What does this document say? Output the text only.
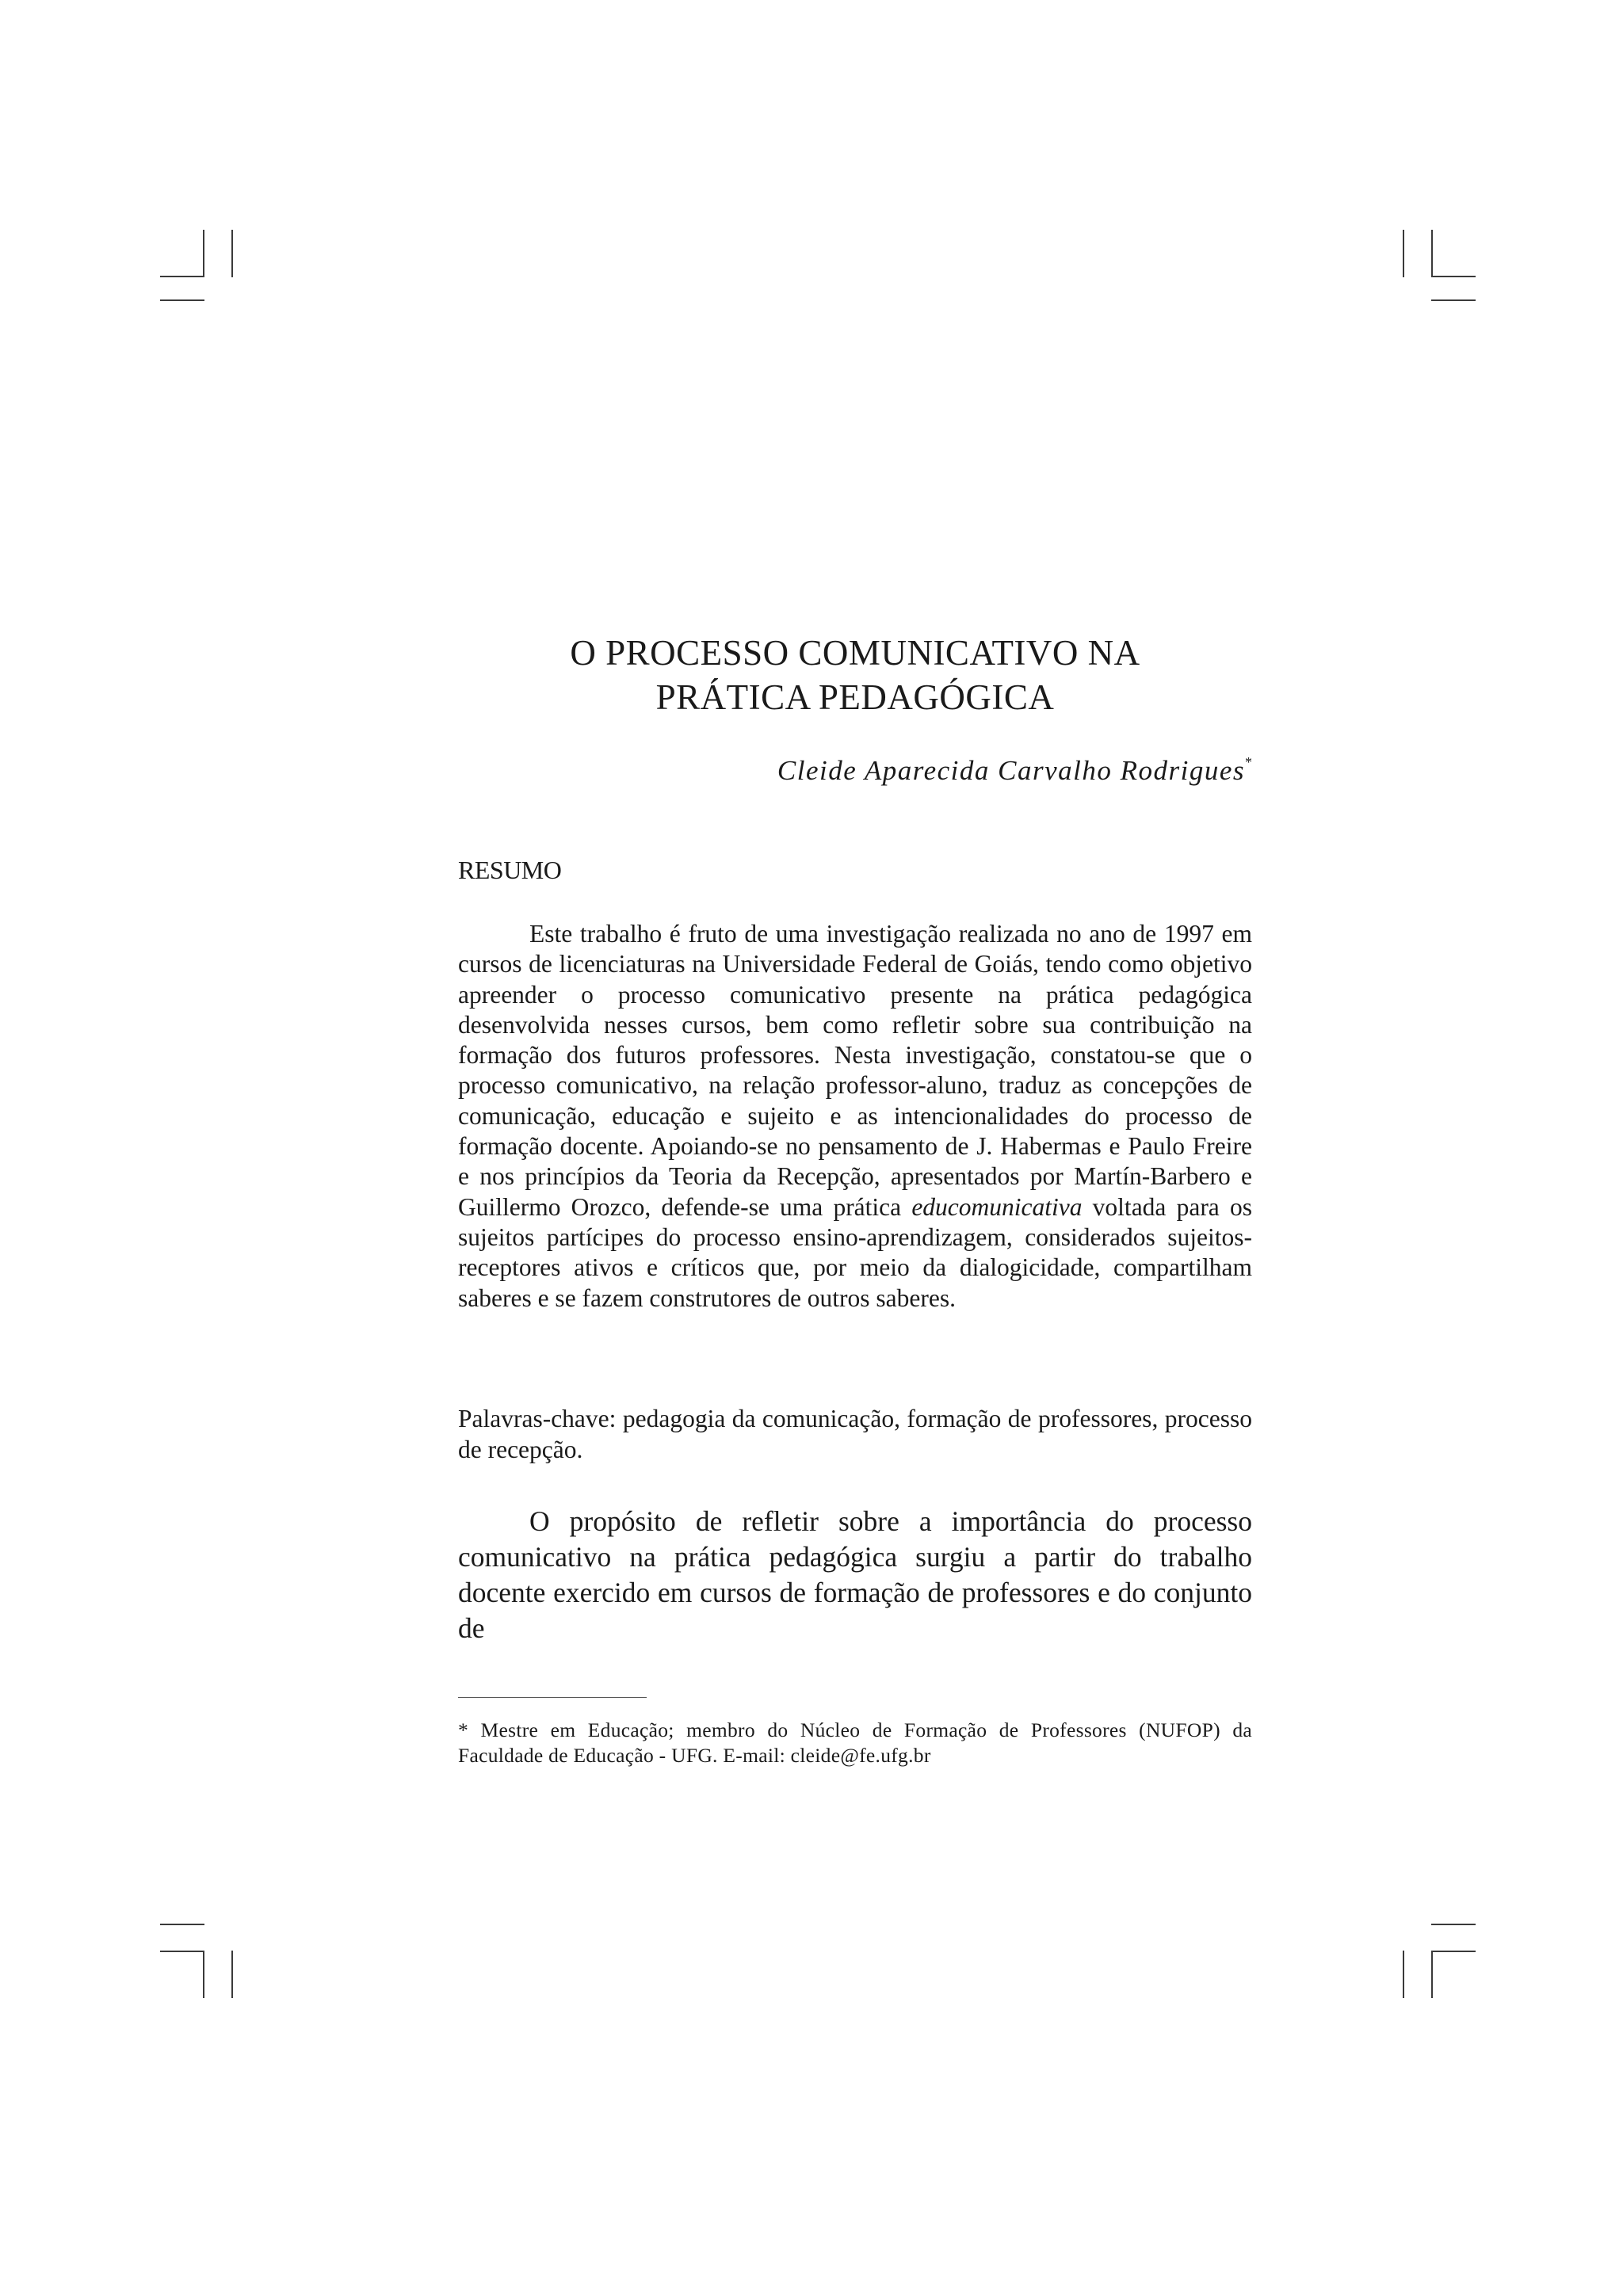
O PROCESSO COMUNICATIVO NA
PRÁTICA PEDAGÓGICA
Cleide Aparecida Carvalho Rodrigues*
RESUMO

Este trabalho é fruto de uma investigação realizada no ano de 1997 em cursos de licenciaturas na Universidade Federal de Goiás, tendo como objetivo apreender o processo comunicativo presente na prática pedagógica desenvolvida nesses cursos, bem como refletir sobre sua contribuição na formação dos futuros professores. Nesta investigação, constatou-se que o processo comunicativo, na relação professor-aluno, traduz as concepções de comunicação, educação e sujeito e as intencionalidades do processo de formação docente. Apoiando-se no pensamento de J. Habermas e Paulo Freire e nos princípios da Teoria da Recepção, apresentados por Martín-Barbero e Guillermo Orozco, defende-se uma prática educomunicativa voltada para os sujeitos partícipes do processo ensino-aprendizagem, considerados sujeitos-receptores ativos e críticos que, por meio da dialogicidade, compartilham saberes e se fazem construtores de outros saberes.

Palavras-chave: pedagogia da comunicação, formação de professores, processo de recepção.

O propósito de refletir sobre a importância do processo comunicativo na prática pedagógica surgiu a partir do trabalho docente exercido em cursos de formação de professores e do conjunto de

* Mestre em Educação; membro do Núcleo de Formação de Professores (NUFOP) da Faculdade de Educação - UFG. E-mail: cleide@fe.ufg.br
